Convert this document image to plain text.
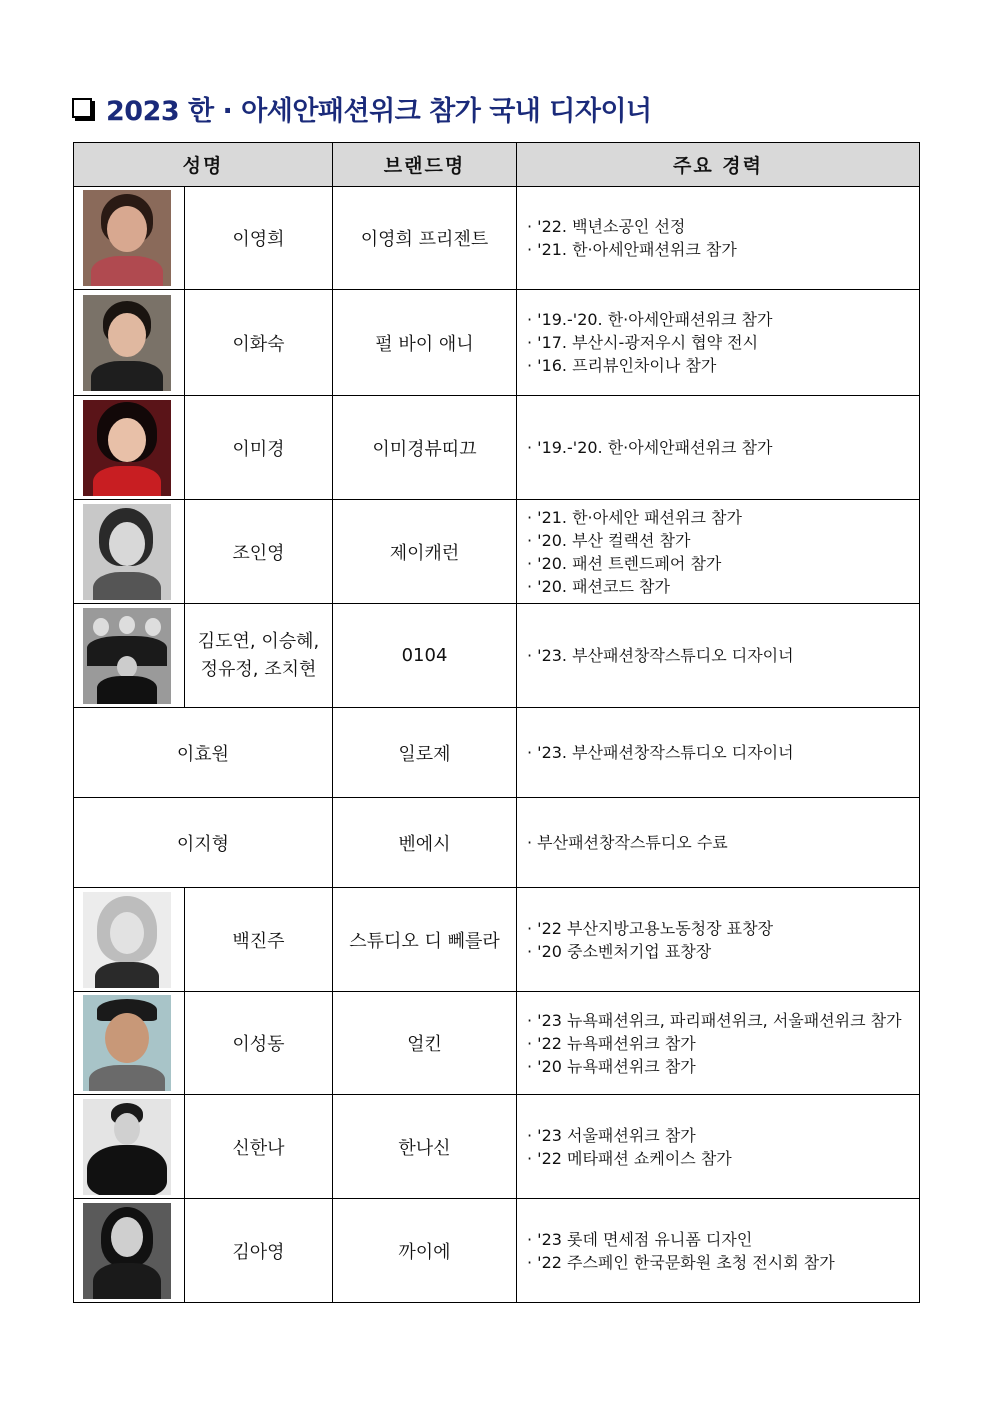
2023 한 · 아세안패션위크 참가 국내 디자이너
성명		브랜드명	주요 경력

	이영희	이영희 프리젠트	· '22. 백년소공인 선정
· '21. 한·아세안패션위크 참가

	이화숙	펄 바이 애니	· '19.-'20. 한·아세안패션위크 참가
· '17. 부산시-광저우시 협약 전시
· '16. 프리뷰인차이나 참가

	이미경	이미경뷰띠끄	· '19.-'20. 한·아세안패션위크 참가

	조인영	제이캐런	· '21. 한·아세안 패션위크 참가
· '20. 부산 컬랙션 참가
· '20. 패션 트렌드페어 참가
· '20. 패션코드 참가

	김도연, 이승혜,
정유정, 조치현	0104	· '23. 부산패션창작스튜디오 디자이너

이효원		일로제	· '23. 부산패션창작스튜디오 디자이너

이지형		벤에시	· 부산패션창작스튜디오 수료

	백진주	스튜디오 디 뻬를라	· '22 부산지방고용노동청장 표창장
· '20 중소벤처기업 표창장

	이성동	얼킨	· '23 뉴욕패션위크, 파리패션위크, 서울패션위크 참가
· '22 뉴욕패션위크 참가
· '20 뉴욕패션위크 참가

	신한나	한나신	· '23 서울패션위크 참가
· '22 메타패션 쇼케이스 참가

	김아영	까이에	· '23 롯데 면세점 유니폼 디자인
· '22 주스페인 한국문화원 초청 전시회 참가
